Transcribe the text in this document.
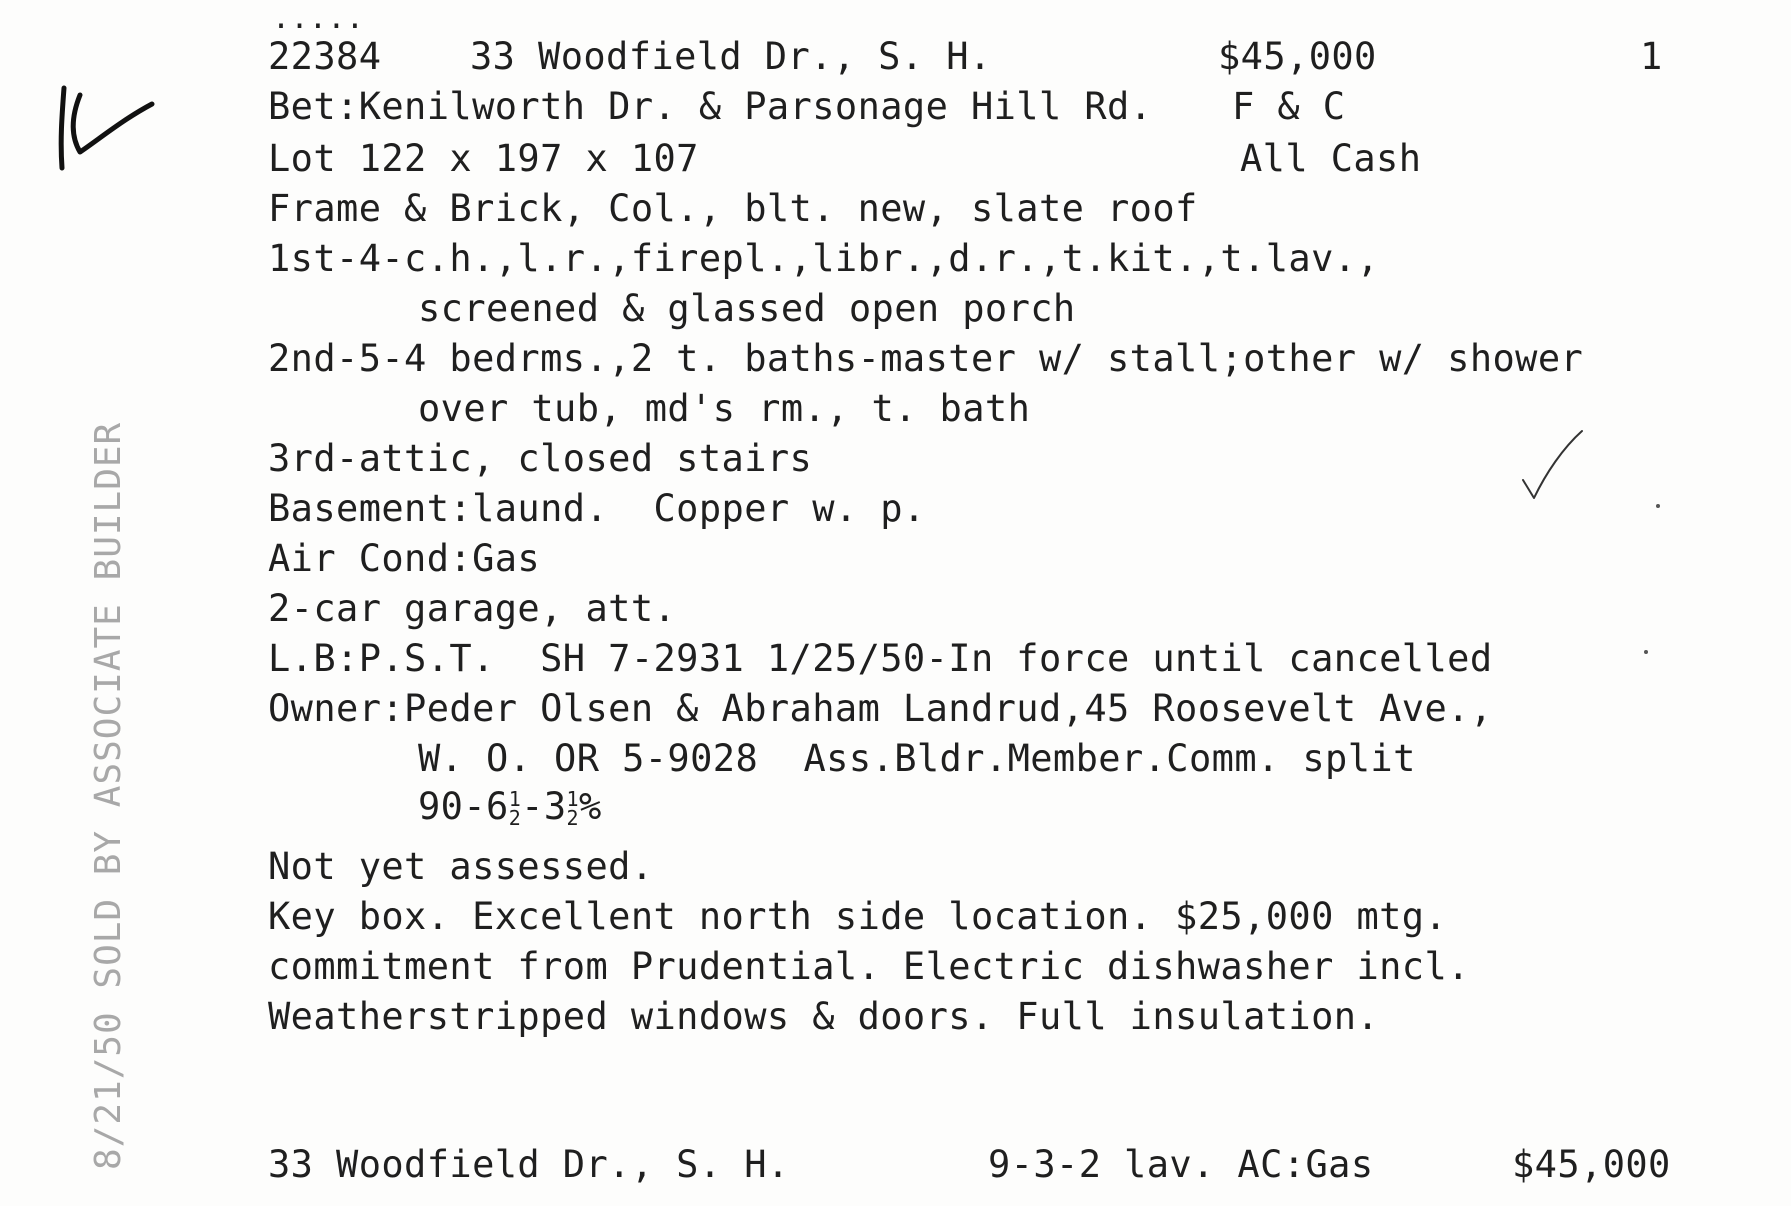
.....
22384 33 Woodfield Dr., S. H.	$45,000	1
Bet:Kenilworth Dr. & Parsonage Hill Rd. F & C
Lot 122 x 197 x 107	All Cash
Frame & Brick, Col., blt. new, slate roof
1st-4-c.h.,l.r.,firepl.,libr.,d.r.,t.kit.,t.lav.,
screened & glassed open porch
2nd-5-4 bedrms.,2 t. baths-master w/ stall;other w/ shower
over tub, md's rm., t. bath
3rd-attic, closed stairs
Basement:laund.  Copper w. p.
Air Cond:Gas
2-car garage, att.
L.B:P.S.T.  SH 7-2931 1/25/50-In force until cancelled
Owner:Peder Olsen & Abraham Landrud,45 Roosevelt Ave.,
W. O. OR 5-9028  Ass.Bldr.Member.Comm. split
90-6 1
2 -3 1
2 %
Not yet assessed.
Key box. Excellent north side location. $25,000 mtg.
commitment from Prudential. Electric dishwasher incl.
Weatherstripped windows & doors. Full insulation.
33 Woodfield Dr., S. H.	9-3-2 lav. AC:Gas	$45,000
8/21/50 SOLD BY ASSOCIATE BUILDER
